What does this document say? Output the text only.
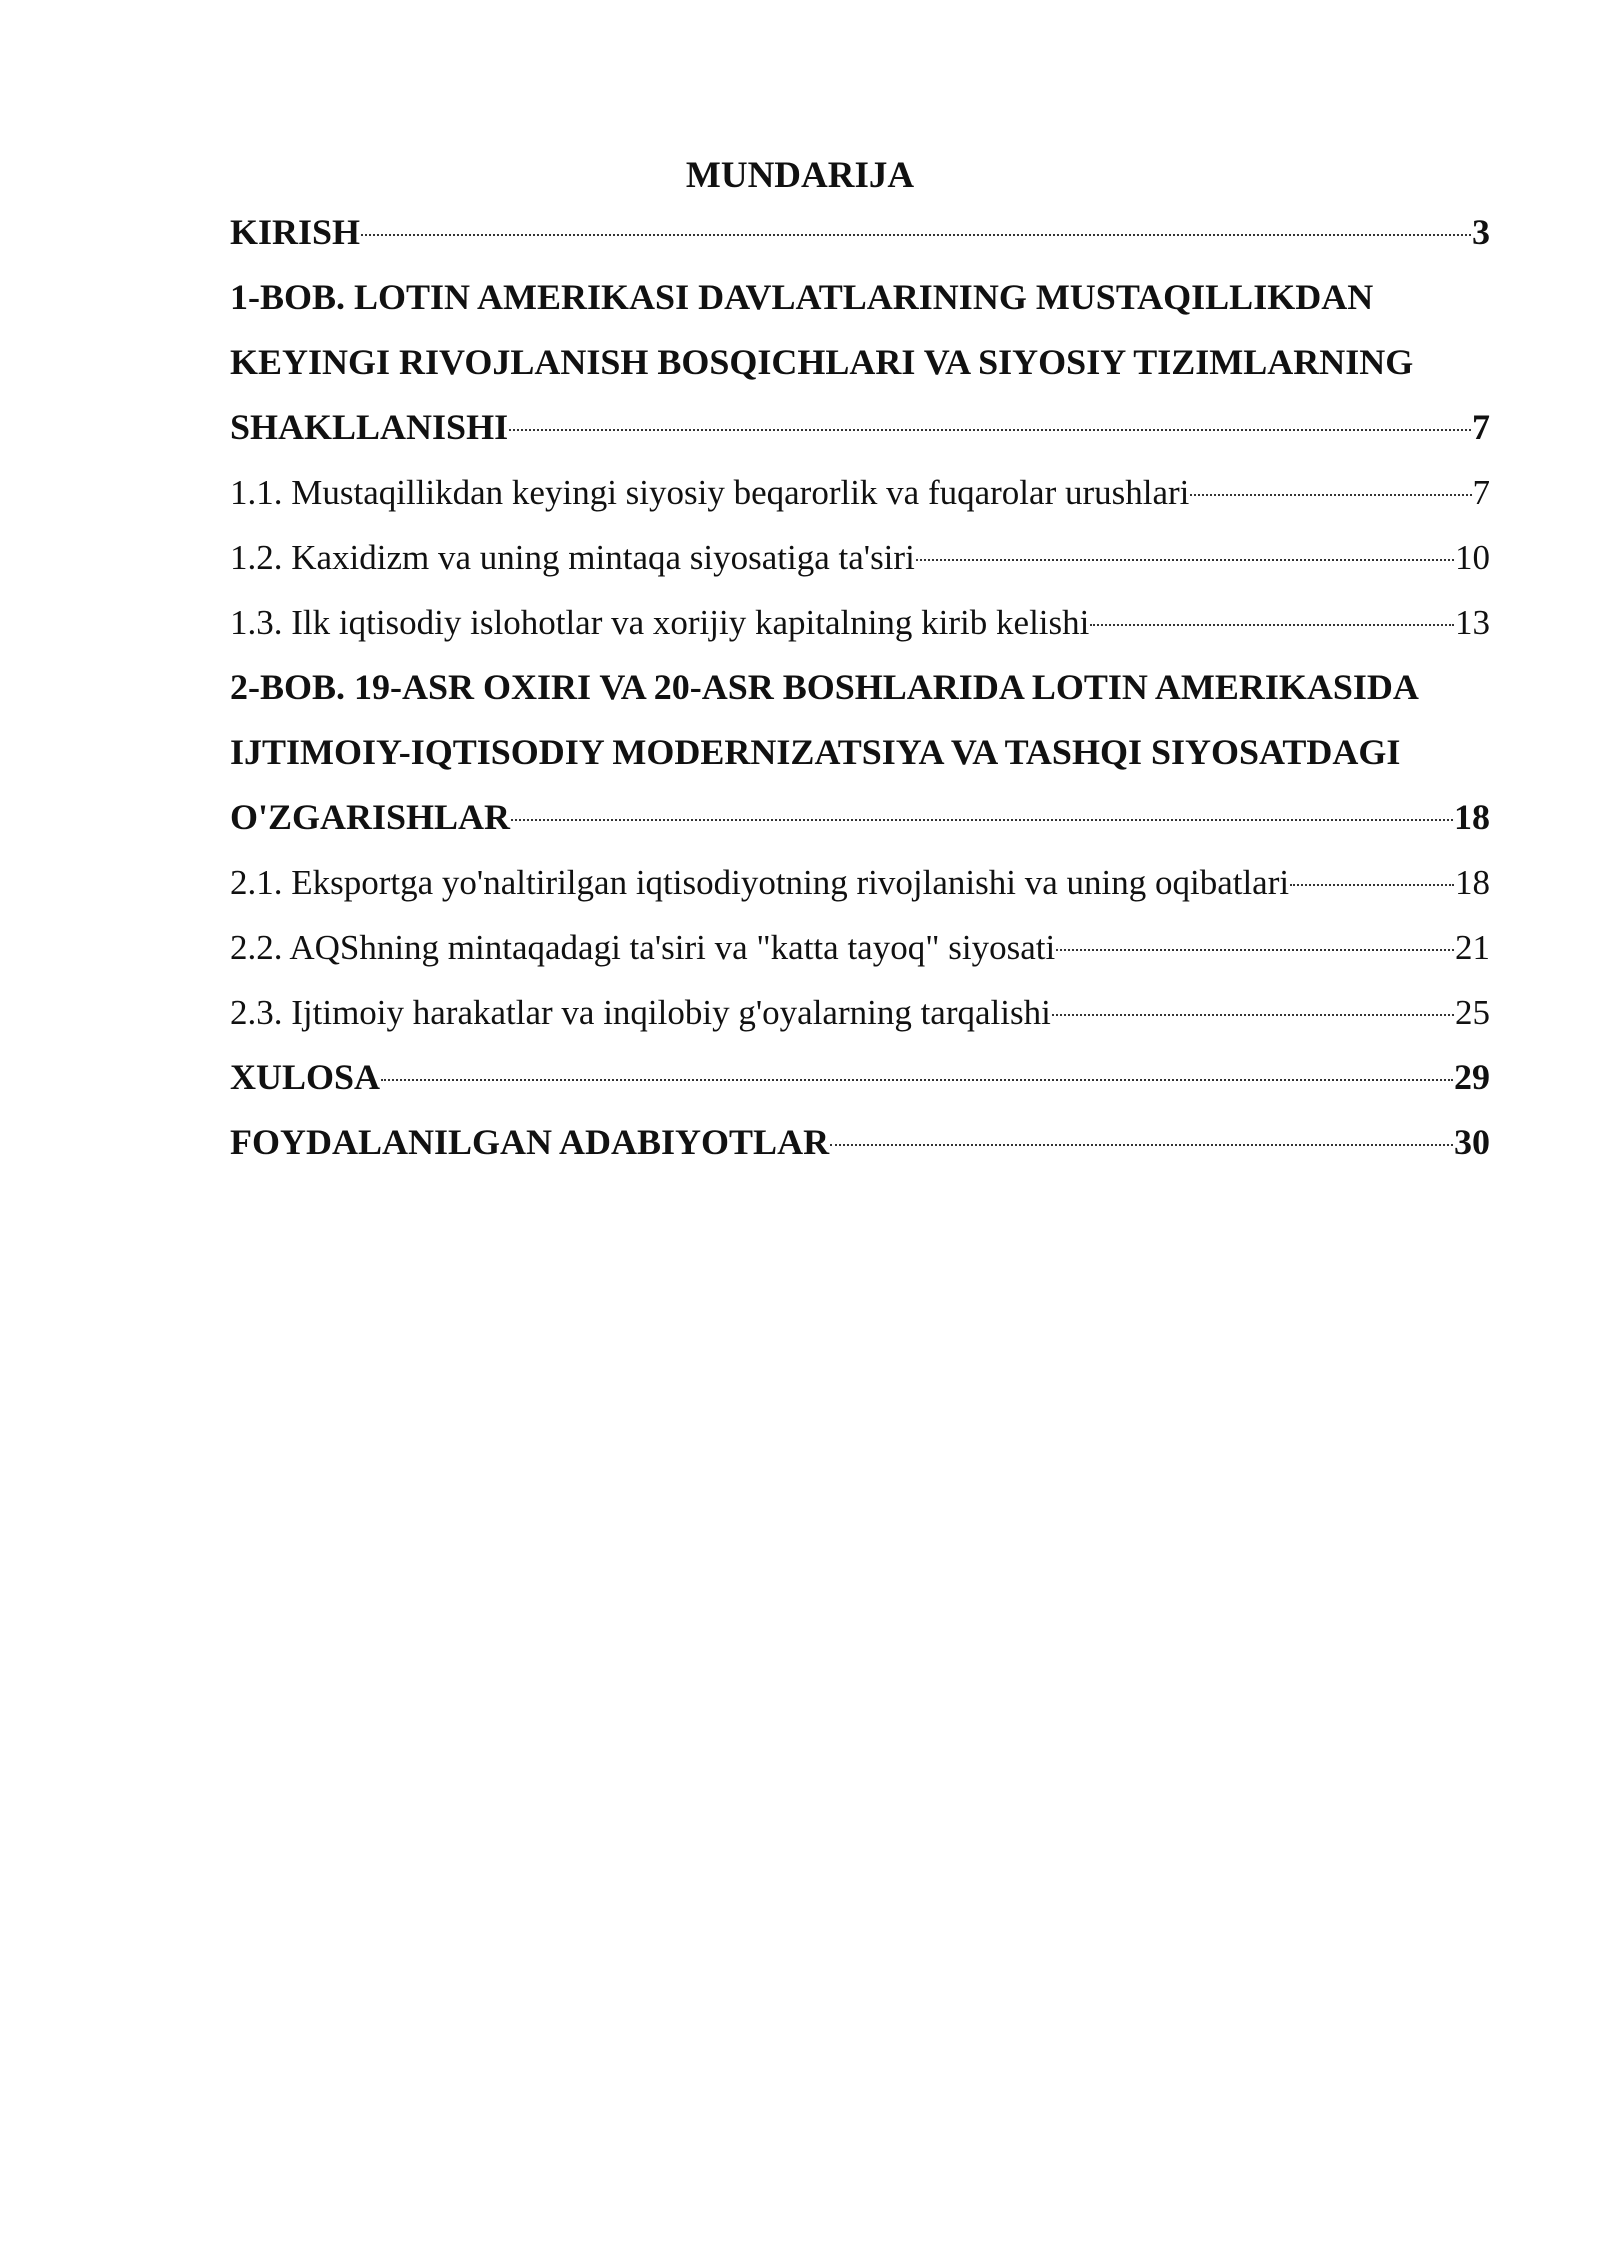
MUNDARIJA
KIRISH	3
1-BOB. LOTIN AMERIKASI DAVLATLARINING MUSTAQILLIKDAN
KEYINGI RIVOJLANISH BOSQICHLARI VA SIYOSIY TIZIMLARNING
SHAKLLANISHI	7
1.1. Mustaqillikdan keyingi siyosiy beqarorlik va fuqarolar urushlari	7
1.2. Kaxidizm va uning mintaqa siyosatiga ta'siri	10
1.3. Ilk iqtisodiy islohotlar va xorijiy kapitalning kirib kelishi	13
2-BOB. 19-ASR OXIRI VA 20-ASR BOSHLARIDA LOTIN AMERIKASIDA
IJTIMOIY-IQTISODIY MODERNIZATSIYA VA TASHQI SIYOSATDAGI
O'ZGARISHLAR	18
2.1. Eksportga yo'naltirilgan iqtisodiyotning rivojlanishi va uning oqibatlari	18
2.2. AQShning mintaqadagi ta'siri va "katta tayoq" siyosati	21
2.3. Ijtimoiy harakatlar va inqilobiy g'oyalarning tarqalishi	25
XULOSA	29
FOYDALANILGAN ADABIYOTLAR	30
